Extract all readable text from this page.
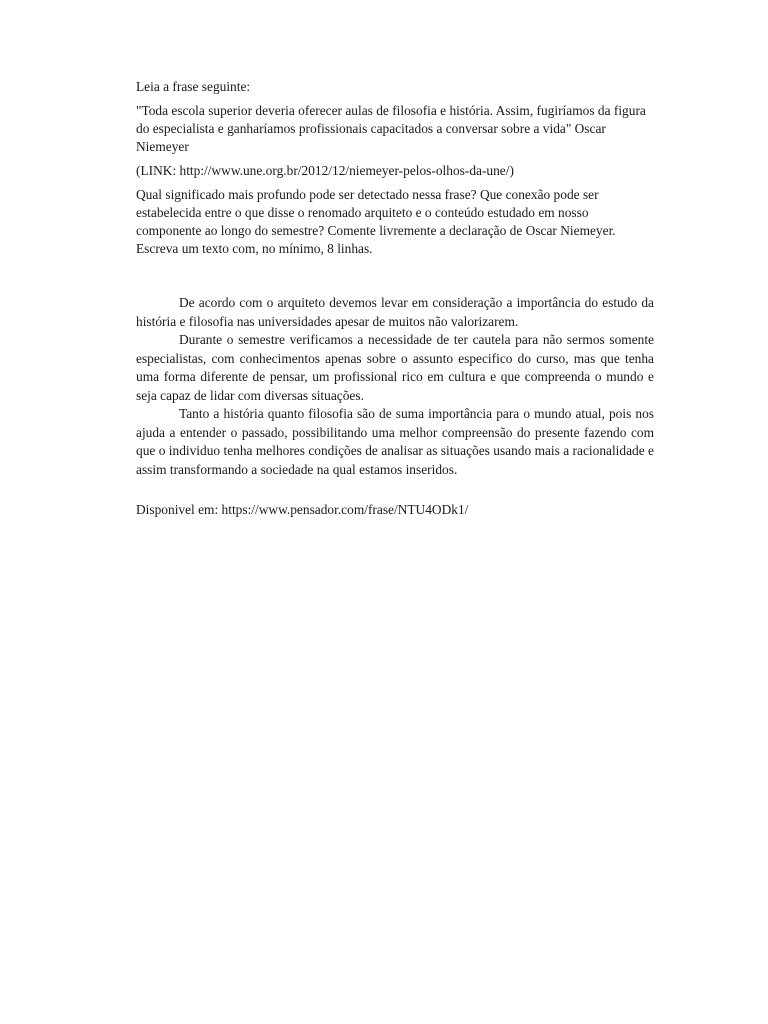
Leia a frase seguinte:

"Toda escola superior deveria oferecer aulas de filosofia e história. Assim, fugiríamos da figura do especialista e ganharíamos profissionais capacitados a conversar sobre a vida" Oscar Niemeyer

(LINK: http://www.une.org.br/2012/12/niemeyer-pelos-olhos-da-une/)

Qual significado mais profundo pode ser detectado nessa frase? Que conexão pode ser estabelecida entre o que disse o renomado arquiteto e o conteúdo estudado em nosso componente ao longo do semestre? Comente livremente a declaração de Oscar Niemeyer. Escreva um texto com, no mínimo, 8 linhas.

De acordo com o arquiteto devemos levar em consideração a importância do estudo da história e filosofia nas universidades apesar de muitos não valorizarem.

Durante o semestre verificamos a necessidade de ter cautela para não sermos somente especialistas, com conhecimentos apenas sobre o assunto especifico do curso, mas que tenha uma forma diferente de pensar, um profissional rico em cultura e que compreenda o mundo e seja capaz de lidar com diversas situações.

Tanto a história quanto filosofia são de suma importância para o mundo atual, pois nos ajuda a entender o passado, possibilitando uma melhor compreensão do presente fazendo com que o individuo tenha melhores condições de analisar as situações usando mais a racionalidade e assim transformando a sociedade na qual estamos inseridos.

Disponivel em: https://www.pensador.com/frase/NTU4ODk1/
